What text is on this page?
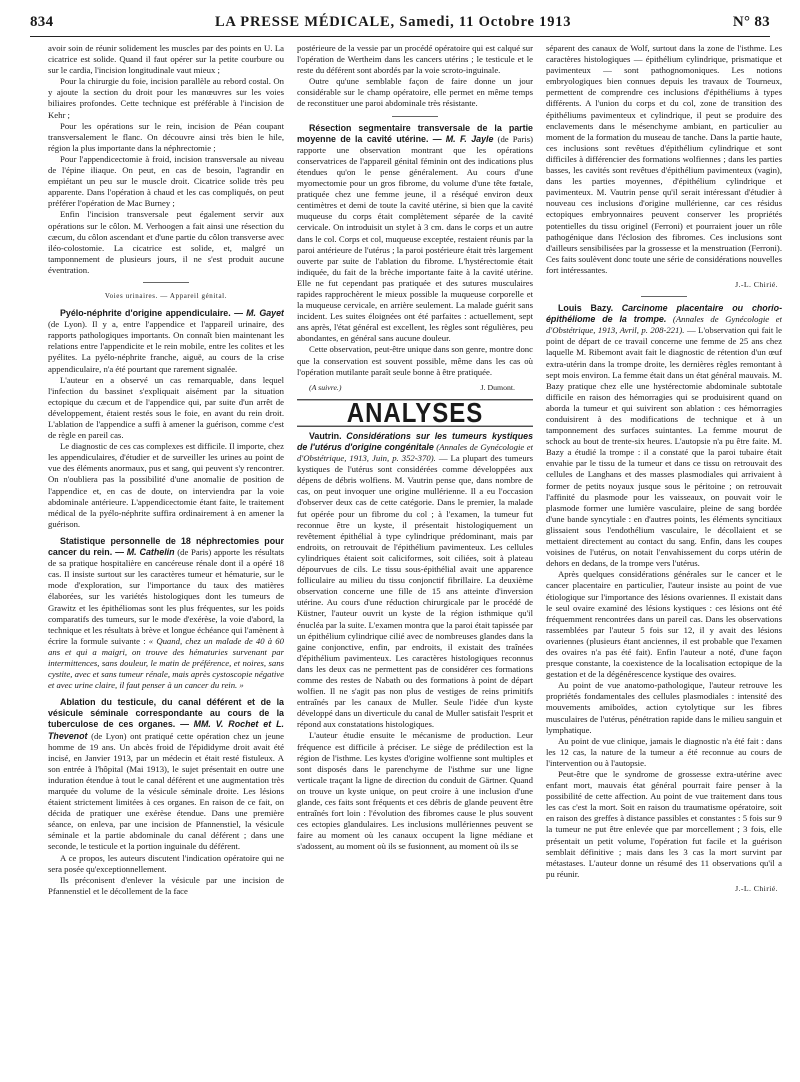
834	LA PRESSE MÉDICALE, Samedi, 11 Octobre 1913	N° 83

avoir soin de réunir solidement les muscles par des points en U. La cicatrice est solide. Quand il faut opérer sur la petite courbure ou sur le cardia, l'incision longitudinale vaut mieux ;

Pour la chirurgie du foie, incision parallèle au rebord costal. On y ajoute la section du droit pour les manœuvres sur les voies biliaires profondes. Cette technique est préférable à l'incision de Kehr ;

Pour les opérations sur le rein, incision de Péan coupant transversalement le flanc. On découvre ainsi très bien le hile, région la plus importante dans la néphrectomie ;

Pour l'appendicectomie à froid, incision transversale au niveau de l'épine iliaque. On peut, en cas de besoin, l'agrandir en empiétant un peu sur le muscle droit. Cicatrice solide très peu apparente. Dans l'opération à chaud et les cas compliqués, on peut préférer l'opération de Mac Burney ;

Enfin l'incision transversale peut également servir aux opérations sur le côlon. M. Verhoogen a fait ainsi une résection du cæcum, du côlon ascendant et d'une partie du côlon transverse avec iléo-colostomie. La cicatrice est solide, et, malgré un tamponnement de plusieurs jours, il ne s'est produit aucune éventration.

Voies urinaires. — Appareil génital.

Pyélo-néphrite d'origine appendiculaire. — M. Gayet (de Lyon). Il y a, entre l'appendice et l'appareil urinaire, des rapports pathologiques importants. On connaît bien maintenant les relations entre l'appendicite et le rein mobile, entre les colites et les pyélites. La pyélo-néphrite franche, aiguë, au cours de la crise appendiculaire, n'a été pourtant que rarement signalée.

L'auteur en a observé un cas remarquable, dans lequel l'infection du bassinet s'expliquait aisément par la situation ectopique du cæcum et de l'appendice qui, par suite d'un arrêt de développement, étaient restés sous le foie, en avant du rein droit. L'ablation de l'appendice a suffi à amener la guérison, comme c'est de règle en pareil cas.

Le diagnostic de ces cas complexes est difficile. Il importe, chez les appendiculaires, d'étudier et de surveiller les urines au point de vue des éléments anormaux, pus et sang, qui peuvent s'y rencontrer. On n'oubliera pas la possibilité d'une anomalie de position de l'appendice et, en cas de doute, on interviendra par la voie abdominale antérieure. L'appendicectomie étant faite, le traitement médical de la pyélo-néphrite suffira ordinairement à en amener la guérison.

Statistique personnelle de 18 néphrectomies pour cancer du rein. — M. Cathelin (de Paris) apporte les résultats de sa pratique hospitalière en cancéreuse rénale dont il a opéré 18 cas. Il insiste surtout sur les caractères tumeur et hématurie, sur le mode d'exploration, sur l'importance du taux des matières élaborées, sur les variétés histologiques dont les tumeurs de Grawitz et les épithéliomas sont les plus fréquentes, sur les poids comparatifs des tumeurs, sur le mode d'exérèse, la voie d'abord, la technique et les résultats à brève et longue échéance qui l'amènent à écrire la formule suivante : « Quand, chez un malade de 40 à 60 ans et qui a maigri, on trouve des hématuries survenant par intermittences, sans douleur, le matin de préférence, et noires, sans cystite, avec et sans tumeur rénale, mais après cystoscopie négative et avec urine claire, il faut penser à un cancer du rein. »

Ablation du testicule, du canal déférent et de la vésicule séminale correspondante au cours de la tuberculose de ces organes. — MM. V. Rochet et L. Thevenot (de Lyon) ont pratiqué cette opération chez un jeune homme de 19 ans. Un abcès froid de l'épididyme droit avait été incisé, en Janvier 1913, par un médecin et était resté fistuleux. A son entrée à l'hôpital (Mai 1913), le sujet présentait en outre une induration étendue à tout le canal déférent et une augmentation très marquée du volume de la vésicule séminale droite. Les lésions étaient strictement limitées à ces organes. En raison de ce fait, on décida de pratiquer une exérèse étendue. Dans une première séance, on enleva, par une incision de Pfannenstiel, la vésicule séminale et la partie abdominale du canal déférent ; dans une seconde, le testicule et la portion inguinale du déférent.

A ce propos, les auteurs discutent l'indication opératoire qui ne sera posée qu'exceptionnellement.

Ils préconisent d'enlever la vésicule par une incision de Pfannenstiel et le décollement de la face

postérieure de la vessie par un procédé opératoire qui est calqué sur l'opération de Wertheim dans les cancers utérins ; le testicule et le reste du déférent sont abordés par la voie scroto-inguinale.

Outre qu'une semblable façon de faire donne un jour considérable sur le champ opératoire, elle permet en même temps de reconstituer une paroi abdominale très résistante.

Résection segmentaire transversale de la partie moyenne de la cavité utérine. — M. F. Jayle (de Paris) rapporte une observation montrant que les opérations conservatrices de l'appareil génital féminin ont des indications plus étendues qu'on le pense généralement. Au cours d'une myomectomie pour un gros fibrome, du volume d'une tête fœtale, pratiquée chez une femme jeune, il a réséqué environ deux centimètres et demi de toute la cavité utérine, si bien que la cavité muqueuse du corps était complètement séparée de la cavité cervicale. On introduisit un stylet à 3 cm. dans le corps et un autre dans le col. Corps et col, muqueuse exceptée, restaient réunis par la paroi antérieure de l'utérus ; la paroi postérieure était très largement ouverte par suite de l'ablation du fibrome. L'hystérectomie était indiquée, du fait de la brèche importante faite à la cavité utérine. Elle ne fut cependant pas pratiquée et des sutures musculaires rapides rapprochèrent le mieux possible la muqueuse corporelle et la muqueuse cervicale, en arrière seulement. La malade guérit sans incident. Les suites éloignées ont été parfaites : actuellement, sept ans après, l'état général est excellent, les règles sont régulières, peu abondantes, en général sans aucune douleur.

Cette observation, peut-être unique dans son genre, montre donc que la conservation est souvent possible, même dans les cas où l'opération mutilante paraît seule bonne à être pratiquée.

(A suivre.)	J. Dumont.
ANALYSES

Vautrin. Considérations sur les tumeurs kystiques de l'utérus d'origine congénitale (Annales de Gynécologie et d'Obstétrique, 1913, Juin, p. 352-370). — La plupart des tumeurs kystiques de l'utérus sont considérées comme développées aux dépens de débris wolfiens. M. Vautrin pense que, dans nombre de cas, on peut invoquer une origine mullérienne. Il a eu l'occasion d'observer deux cas de cette catégorie. Dans le premier, la malade fut opérée pour un fibrome du col ; à l'examen, la tumeur fut reconnue être un kyste, il présentait histologiquement un revêtement épithélial à type cylindrique prédominant, mais par endroits, on retrouvait de l'épithélium pavimenteux. Les cellules cylindriques étaient soit caliciformes, soit ciliées, soit à plateau dépourvues de cils. Le tissu sous-épithélial avait une apparence folliculaire au milieu du tissu conjonctif fibrillaire. La deuxième observation concerne une fille de 15 ans atteinte d'inversion utérine. Au cours d'une réduction chirurgicale par le procédé de Küstner, l'auteur ouvrit un kyste de la région isthmique qu'il énucléa par la suite. L'examen montra que la paroi était tapissée par un épithélium cylindrique cilié avec de nombreuses glandes dans la gaine conjonctive, enfin, par endroits, il existait des traînées d'épithélium pavimenteux. Les caractères histologiques reconnus dans les deux cas ne permettent pas de considérer ces formations comme des restes de Nabath ou des formations à point de départ wolfien. Il ne s'agit pas non plus de vestiges de reins primitifs entraînés par les canaux de Muller. Seule l'idée d'un kyste développé dans un diverticule du canal de Muller satisfait l'esprit et répond aux constatations histologiques.

L'auteur étudie ensuite le mécanisme de production. Leur fréquence est difficile à préciser. Le siège de prédilection est la région de l'isthme. Les kystes d'origine wolfienne sont multiples et sont disposés dans le parenchyme de l'isthme sur une ligne verticale traçant la ligne de direction du conduit de Gärtner. Quand on trouve un kyste unique, on peut croire à une inclusion d'une glande, ces faits sont fréquents et ces débris de glande peuvent être entraînés fort loin : l'évolution des fibromes cause le plus souvent ces ectopies glandulaires. Les inclusions mullériennes peuvent se faire au moment où les canaux occupent la ligne médiane et s'adossent, au moment où ils se fusionnent, au moment où ils se

séparent des canaux de Wolf, surtout dans la zone de l'isthme. Les caractères histologiques — épithélium cylindrique, prismatique et pavimenteux — sont pathognomoniques. Les notions embryologiques bien connues depuis les travaux de Tourneux, permettent de comprendre ces inclusions d'épithéliums à types différents. A l'union du corps et du col, zone de transition des épithéliums pavimenteux et cylindrique, il peut se produire des enclavements dans le mésenchyme ambiant, en particulier au moment de la formation du museau de tanche. Dans la partie haute, ces inclusions sont revêtues d'épithélium cylindrique et sont difficiles à différencier des formations wolfiennes ; dans les parties basses, les cavités sont revêtues d'épithélium pavimenteux (vagin), dans les parties moyennes, d'épithélium cylindrique et pavimenteux. M. Vautrin pense qu'il serait intéressant d'étudier à nouveau ces inclusions d'origine mullérienne, car ces résidus ectopiques embryonnaires peuvent conserver les propriétés potentielles du tissu originel (Ferroni) et pourraient jouer un rôle pathogénique dans l'éclosion des fibromes. Ces inclusions sont d'ailleurs sensibilisées par la grossesse et la menstruation (Ferroni). Ces faits soulèvent donc toute une série de considérations nouvelles fort intéressantes.

J.-L. Chirié.

Louis Bazy. Carcinome placentaire ou chorio-épithéliome de la trompe. (Annales de Gynécologie et d'Obstétrique, 1913, Avril, p. 208-221). — L'observation qui fait le point de départ de ce travail concerne une femme de 25 ans chez laquelle M. Ribemont avait fait le diagnostic de rétention d'un œuf extra-utérin dans la trompe droite, les dernières règles remontant à sept mois environ. La femme était dans un état général mauvais. M. Bazy pratique chez elle une hystérectomie abdominale subtotale difficile en raison des hémorragies qui se produisirent quand on aborda la tumeur et qui suivirent son ablation : ces hémorragies conduisirent à des modifications de technique et à un tamponnement des surfaces suintantes. La femme mourut de schock au bout de trente-six heures. L'autopsie n'a pu être faite. M. Bazy a étudié la trompe : il a constaté que la paroi tubaire était envahie par le tissu de la tumeur et dans ce tissu on retrouvait des cellules de Langhans et des masses plasmodiales qui arrivaient à former de petits noyaux jusque sous le péritoine ; on retrouvait l'affinité du plasmode pour les vaisseaux, on pouvait voir le plasmode former une lumière vasculaire, pleine de sang bordée d'une bande syncytiale : en d'autres points, les éléments syncitiaux glissaient sous l'endothélium vasculaire, le décollaient et se mettaient directement au contact du sang. Enfin, dans les coupes voisines de l'utérus, on notait l'envahissement du corps utérin de dehors en dedans, de la trompe vers l'utérus.

Après quelques considérations générales sur le cancer et le cancer placentaire en particulier, l'auteur insiste au point de vue étiologique sur l'importance des lésions ovariennes. Il existait dans le seul ovaire examiné des lésions kystiques : ces lésions ont été fréquemment rencontrées dans un pareil cas. Dans les observations rassemblées par l'auteur 5 fois sur 12, il y avait des lésions ovariennes (plusieurs étant anciennes, il est probable que l'examen des ovaires n'a pas été fait). Enfin l'auteur a noté, d'une façon presque constante, la coexistence de la localisation ectopique de la gestation et de la dégénérescence kystique des ovaires.

Au point de vue anatomo-pathologique, l'auteur retrouve les propriétés fondamentales des cellules plasmodiales : intensité des mouvements amiboïdes, action cytolytique sur les fibres musculaires de l'utérus, pénétration rapide dans le milieu sanguin et lymphatique.

Au point de vue clinique, jamais le diagnostic n'a été fait : dans les 12 cas, la nature de la tumeur a été reconnue au cours de l'intervention ou à l'autopsie.

Peut-être que le syndrome de grossesse extra-utérine avec enfant mort, mauvais état général pourrait faire penser à la possibilité de cette affection. Au point de vue traitement dans tous les cas c'est la mort. Soit en raison du traumatisme opératoire, soit en raison des greffes à distance passibles et constantes : 5 fois sur 9 la tumeur ne put être enlevée que par morcellement ; 3 fois, elle présentait un petit volume, l'opération fut facile et la guérison semblait définitive ; mais dans les 3 cas la mort survint par métastases. L'auteur donne un résumé des 11 observations qu'il a pu réunir.

J.-L. Chirié.
